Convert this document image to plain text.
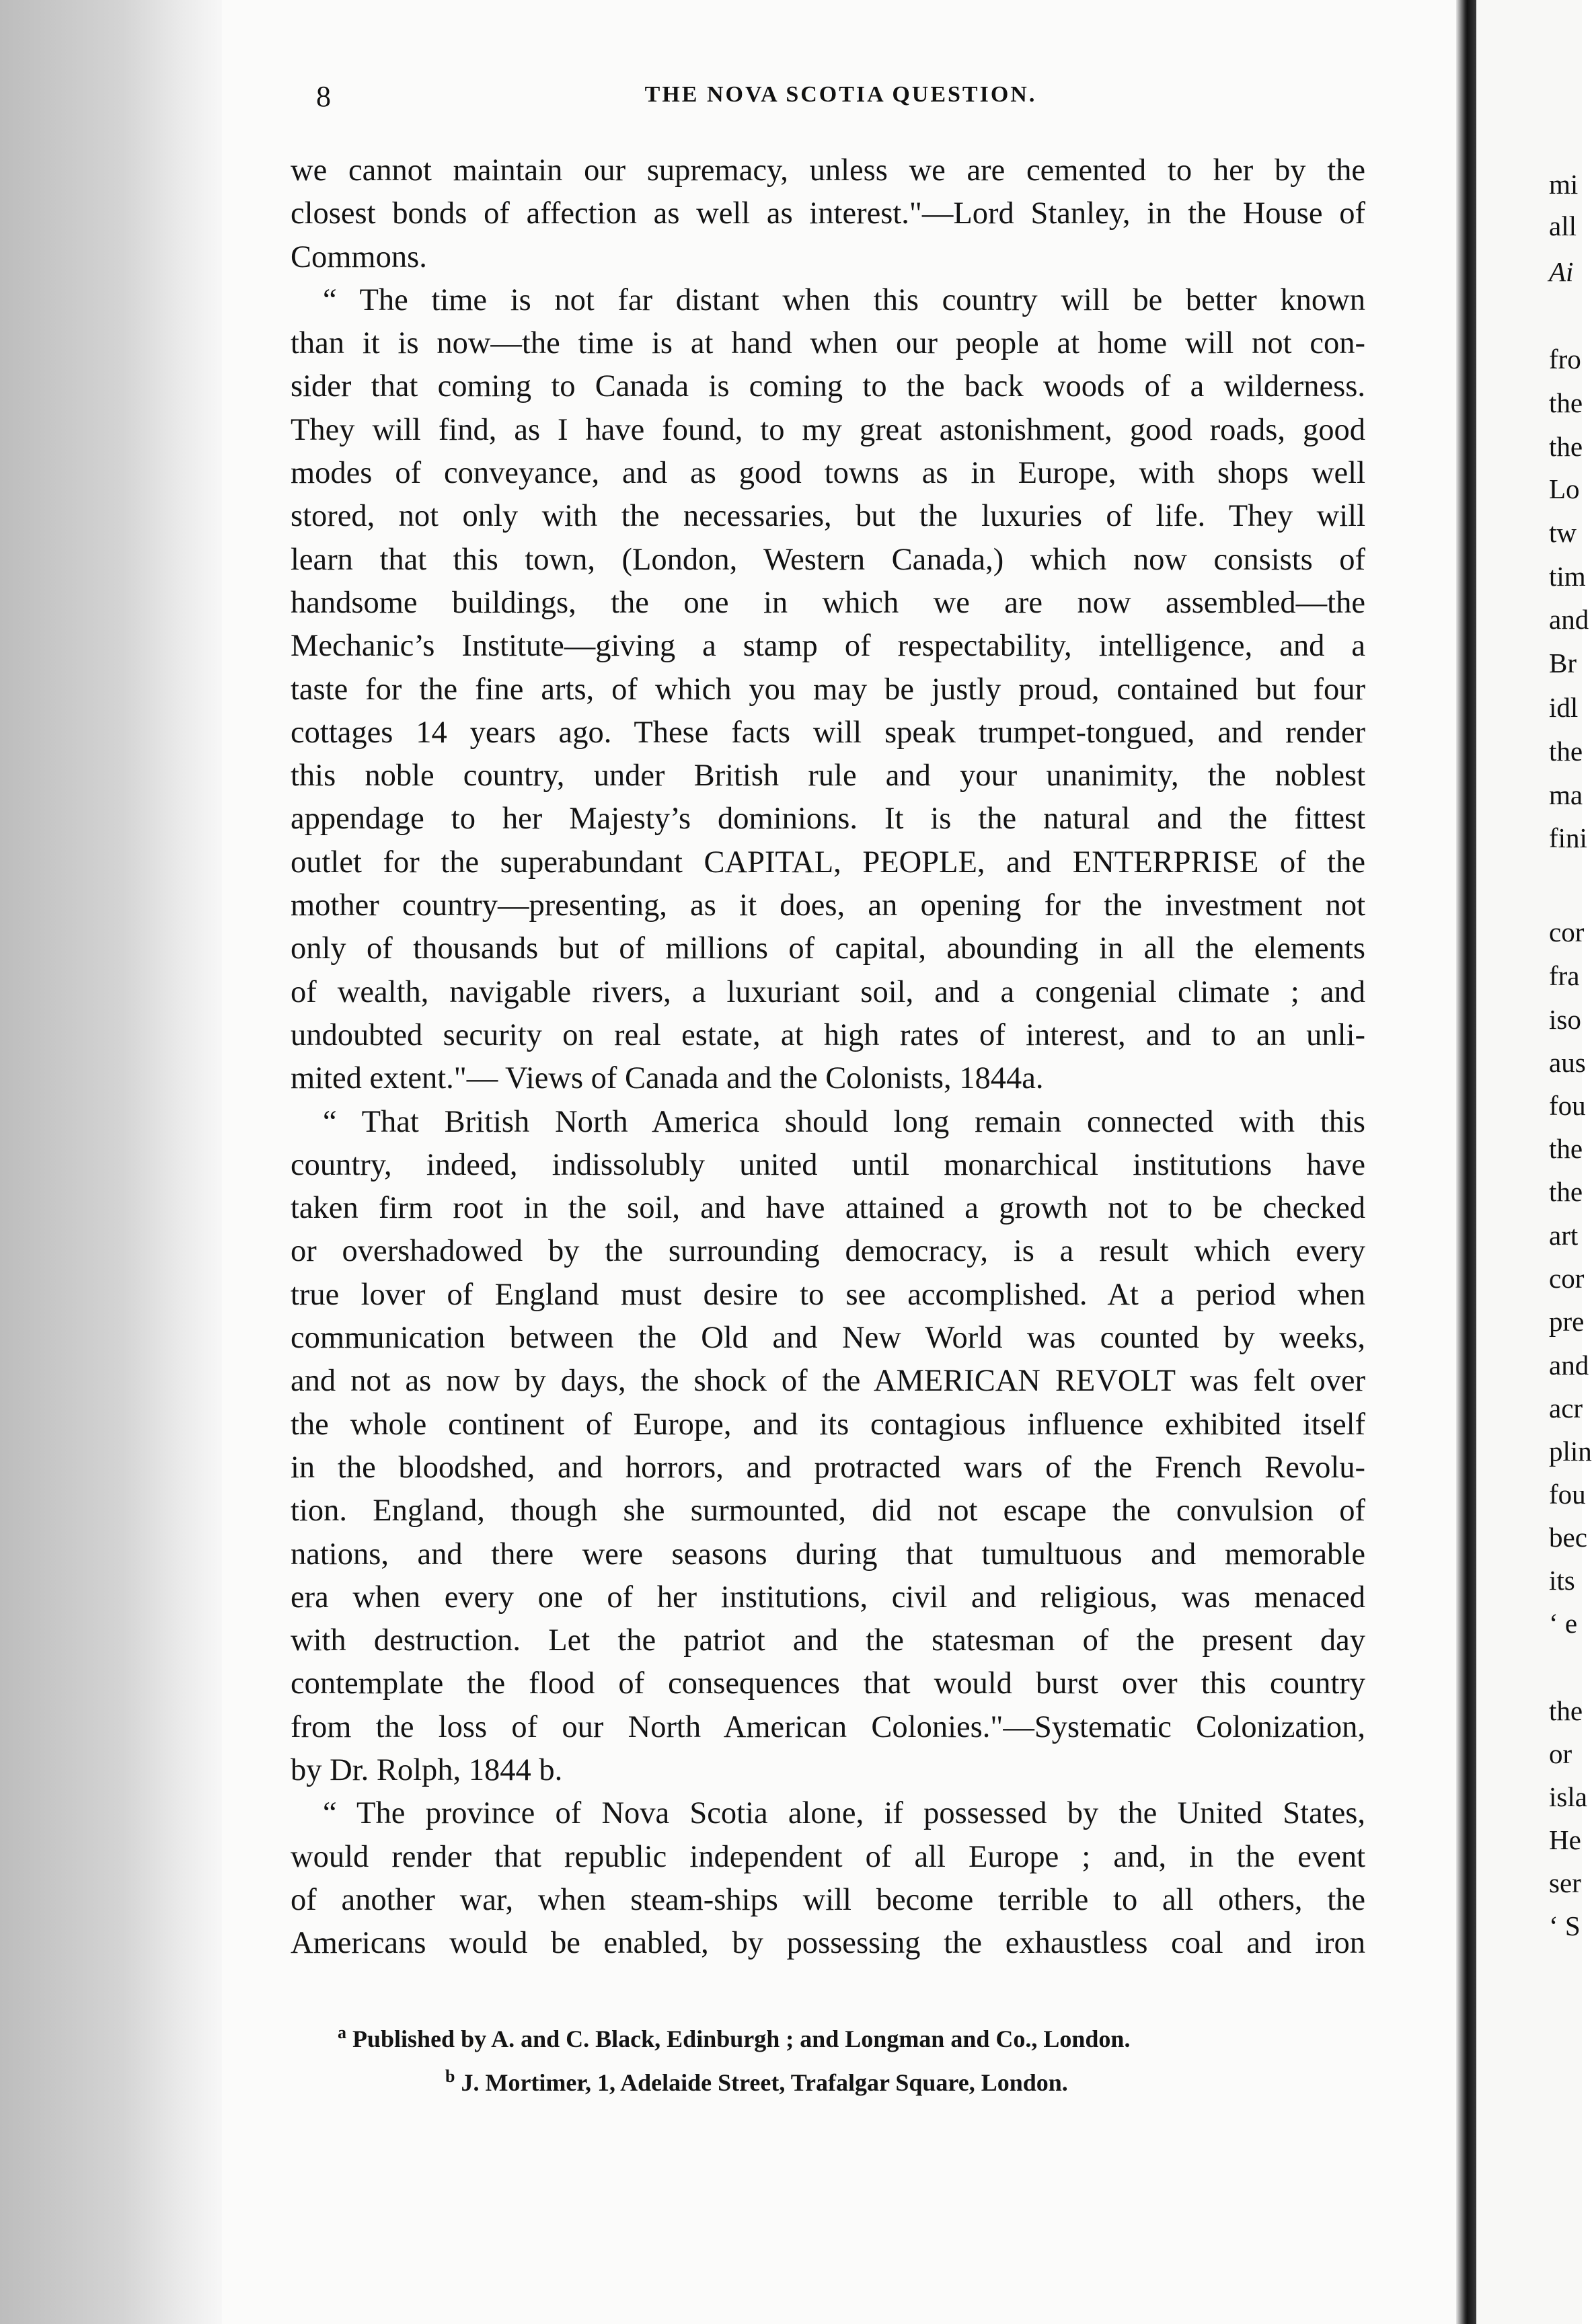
mi
all
Ai
fro
the
the
Lo
tw
tim
and
Br
idl
the
ma
fini
cor
fra
iso
aus
fou
the
the
art
cor
pre
and
acr
plin
fou
bec
its
‘ e
the
or
isla
He
ser
‘ S
8	THE NOVA SCOTIA QUESTION.
we cannot maintain our supremacy, unless we are cemented to her by the
closest bonds of affection as well as interest."—Lord Stanley, in the House of
Commons.
“ The time is not far distant when this country will be better known
than it is now—the time is at hand when our people at home will not con-
sider that coming to Canada is coming to the back woods of a wilderness.
They will find, as I have found, to my great astonishment, good roads, good
modes of conveyance, and as good towns as in Europe, with shops well
stored, not only with the necessaries, but the luxuries of life. They will
learn that this town, (London, Western Canada,) which now consists of
handsome buildings, the one in which we are now assembled—the
Mechanic’s Institute—giving a stamp of respectability, intelligence, and a
taste for the fine arts, of which you may be justly proud, contained but four
cottages 14 years ago. These facts will speak trumpet-tongued, and render
this noble country, under British rule and your unanimity, the noblest
appendage to her Majesty’s dominions. It is the natural and the fittest
outlet for the superabundant CAPITAL, PEOPLE, and ENTERPRISE of the
mother country—presenting, as it does, an opening for the investment not
only of thousands but of millions of capital, abounding in all the elements
of wealth, navigable rivers, a luxuriant soil, and a congenial climate ; and
undoubted security on real estate, at high rates of interest, and to an unli-
mited extent."— Views of Canada and the Colonists, 1844a.
“ That British North America should long remain connected with this
country, indeed, indissolubly united until monarchical institutions have
taken firm root in the soil, and have attained a growth not to be checked
or overshadowed by the surrounding democracy, is a result which every
true lover of England must desire to see accomplished. At a period when
communication between the Old and New World was counted by weeks,
and not as now by days, the shock of the AMERICAN REVOLT was felt over
the whole continent of Europe, and its contagious influence exhibited itself
in the bloodshed, and horrors, and protracted wars of the French Revolu-
tion. England, though she surmounted, did not escape the convulsion of
nations, and there were seasons during that tumultuous and memorable
era when every one of her institutions, civil and religious, was menaced
with destruction. Let the patriot and the statesman of the present day
contemplate the flood of consequences that would burst over this country
from the loss of our North American Colonies."—Systematic Colonization,
by Dr. Rolph, 1844 b.
“ The province of Nova Scotia alone, if possessed by the United States,
would render that republic independent of all Europe ; and, in the event
of another war, when steam-ships will become terrible to all others, the
Americans would be enabled, by possessing the exhaustless coal and iron
$^a$ Published by A. and C. Black, Edinburgh ; and Longman and Co., London.
$^b$ J. Mortimer, 1, Adelaide Street, Trafalgar Square, London.
